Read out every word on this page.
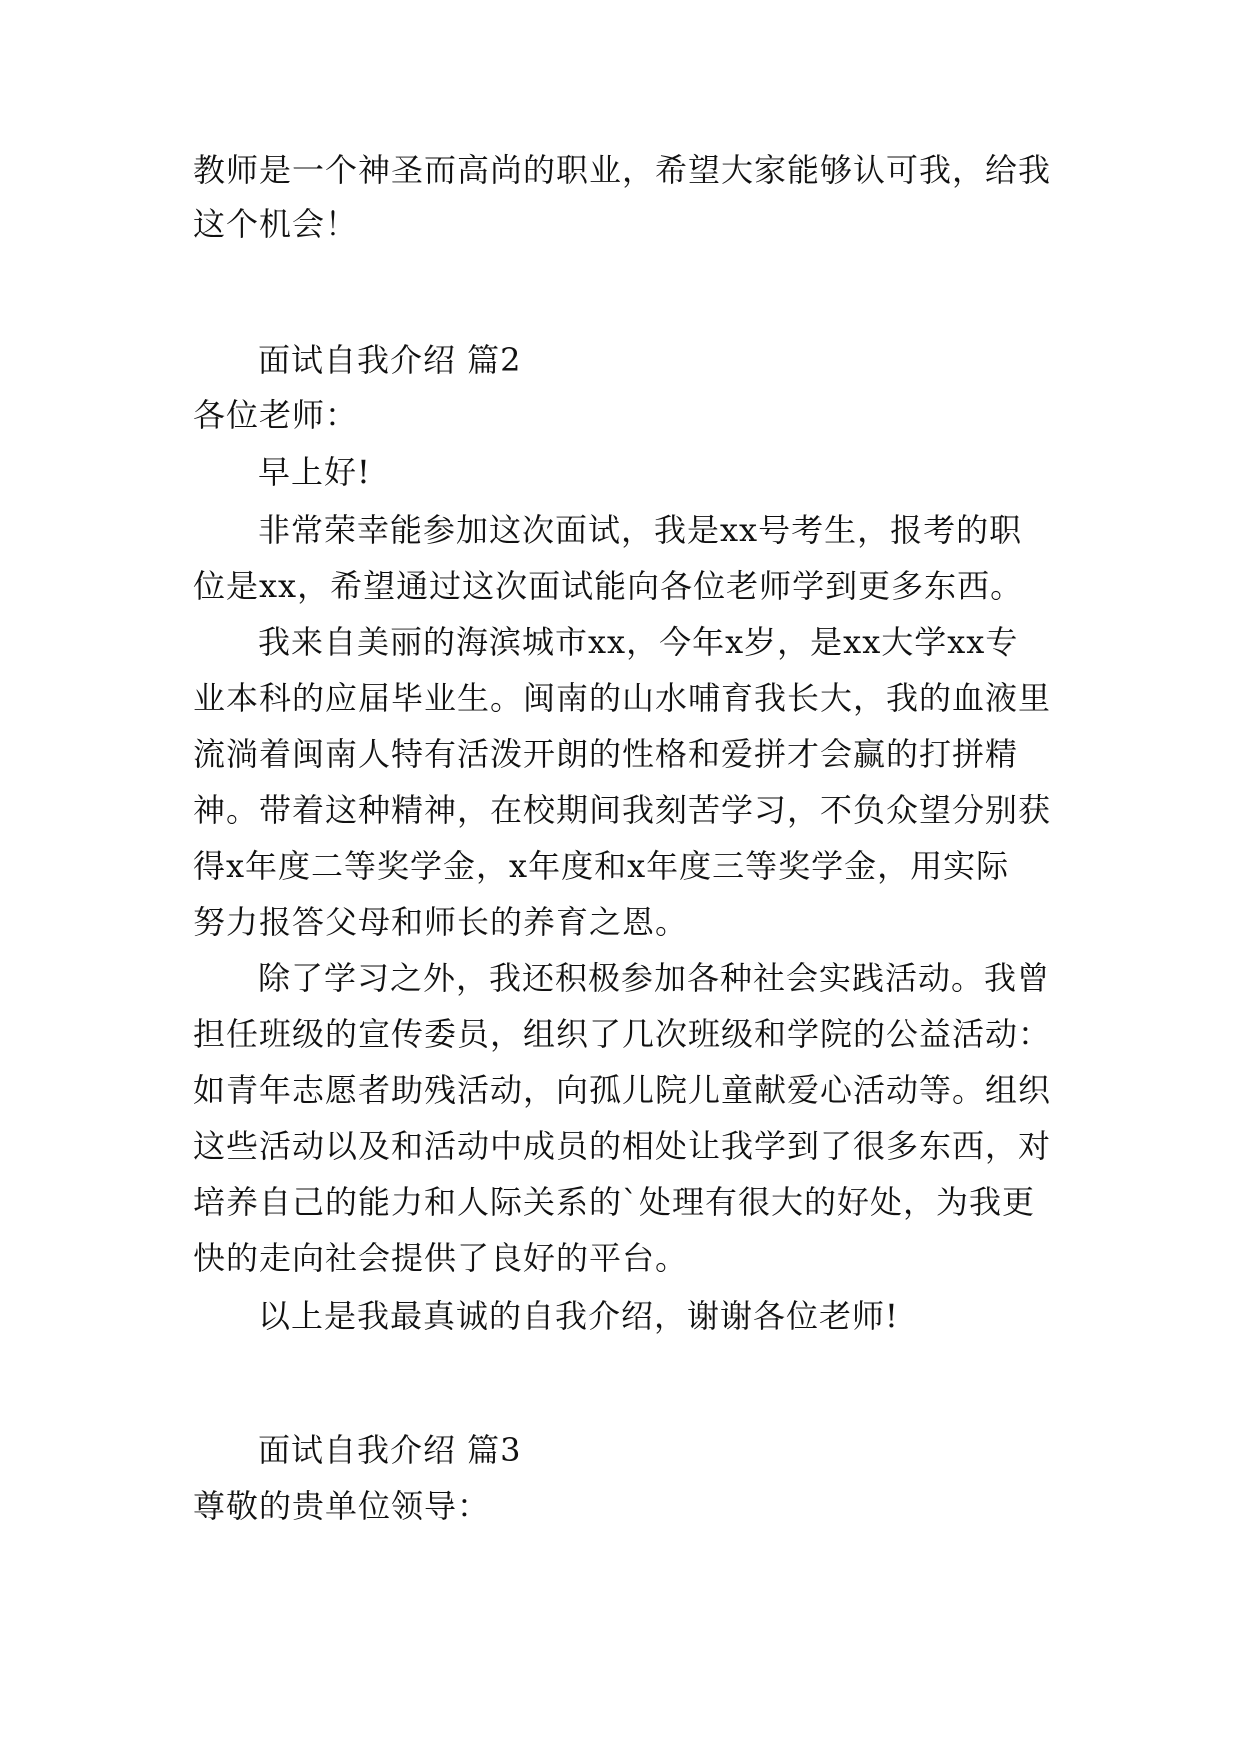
教师是一个神圣而高尚的职业，希望大家能够认可我，给我
这个机会！
面试自我介绍 篇2
各位老师：
早上好!
非常荣幸能参加这次面试，我是xx号考生，报考的职
位是xx，希望通过这次面试能向各位老师学到更多东西。
我来自美丽的海滨城市xx，今年x岁，是xx大学xx专
业本科的应届毕业生。闽南的山水哺育我长大，我的血液里
流淌着闽南人特有活泼开朗的性格和爱拼才会赢的打拼精
神。带着这种精神，在校期间我刻苦学习，不负众望分别获
得x年度二等奖学金，x年度和x年度三等奖学金，用实际
努力报答父母和师长的养育之恩。
除了学习之外，我还积极参加各种社会实践活动。我曾
担任班级的宣传委员，组织了几次班级和学院的公益活动：
如青年志愿者助残活动，向孤儿院儿童献爱心活动等。组织
这些活动以及和活动中成员的相处让我学到了很多东西，对
培养自己的能力和人际关系的`处理有很大的好处，为我更
快的走向社会提供了良好的平台。
以上是我最真诚的自我介绍，谢谢各位老师!
面试自我介绍 篇3
尊敬的贵单位领导：
